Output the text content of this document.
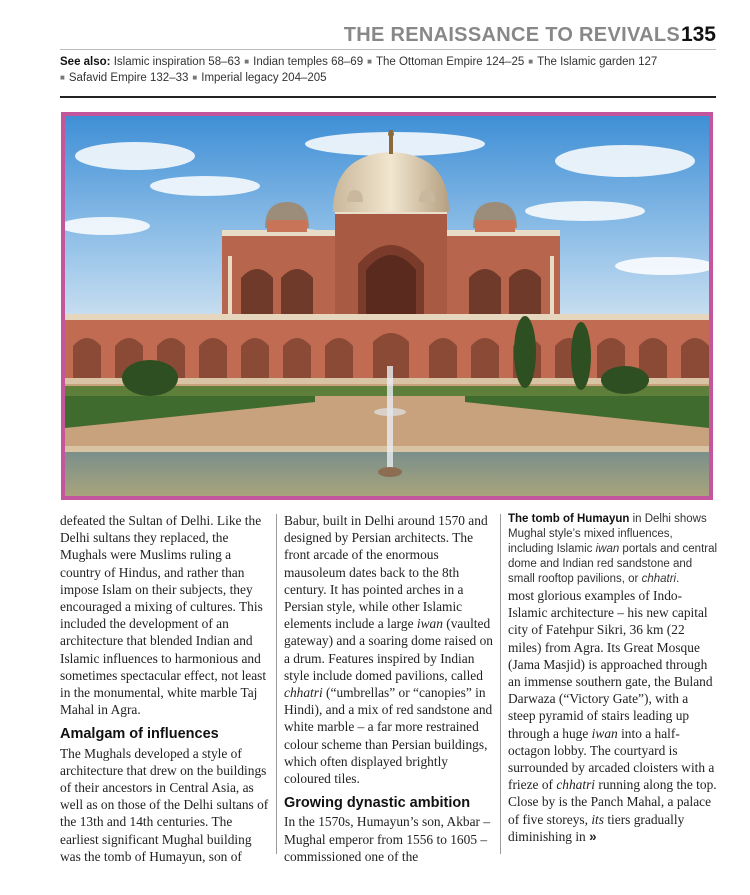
THE RENAISSANCE TO REVIVALS 135
See also: Islamic inspiration 58–63 ■ Indian temples 68–69 ■ The Ottoman Empire 124–25 ■ The Islamic garden 127
■ Safavid Empire 132–33 ■ Imperial legacy 204–205

defeated the Sultan of Delhi. Like the Delhi sultans they replaced, the Mughals were Muslims ruling a country of Hindus, and rather than impose Islam on their subjects, they encouraged a mixing of cultures. This included the development of an architecture that blended Indian and Islamic influences to harmonious and sometimes spectacular effect, not least in the monumental, white marble Taj Mahal in Agra.

Amalgam of influences

The Mughals developed a style of architecture that drew on the buildings of their ancestors in Central Asia, as well as on those of the Delhi sultans of the 13th and 14th centuries. The earliest significant Mughal building was the tomb of Humayun, son of

Babur, built in Delhi around 1570 and designed by Persian architects. The front arcade of the enormous mausoleum dates back to the 8th century. It has pointed arches in a Persian style, while other Islamic elements include a large iwan (vaulted gateway) and a soaring dome raised on a drum. Features inspired by Indian style include domed pavilions, called chhatri (“umbrellas” or “canopies” in Hindi), and a mix of red sandstone and white marble – a far more restrained colour scheme than Persian buildings, which often displayed brightly coloured tiles.

Growing dynastic ambition

In the 1570s, Humayun’s son, Akbar – Mughal emperor from 1556 to 1605 – commissioned one of the

The tomb of Humayun in Delhi shows Mughal style’s mixed influences, including Islamic iwan portals and central dome and Indian red sandstone and small rooftop pavilions, or chhatri.

most glorious examples of Indo-Islamic architecture – his new capital city of Fatehpur Sikri, 36 km (22 miles) from Agra. Its Great Mosque (Jama Masjid) is approached through an immense southern gate, the Buland Darwaza (“Victory Gate”), with a steep pyramid of stairs leading up through a huge iwan into a half-octagon lobby. The courtyard is surrounded by arcaded cloisters with a frieze of chhatri running along the top. Close by is the Panch Mahal, a palace of five storeys, its tiers gradually diminishing in »
